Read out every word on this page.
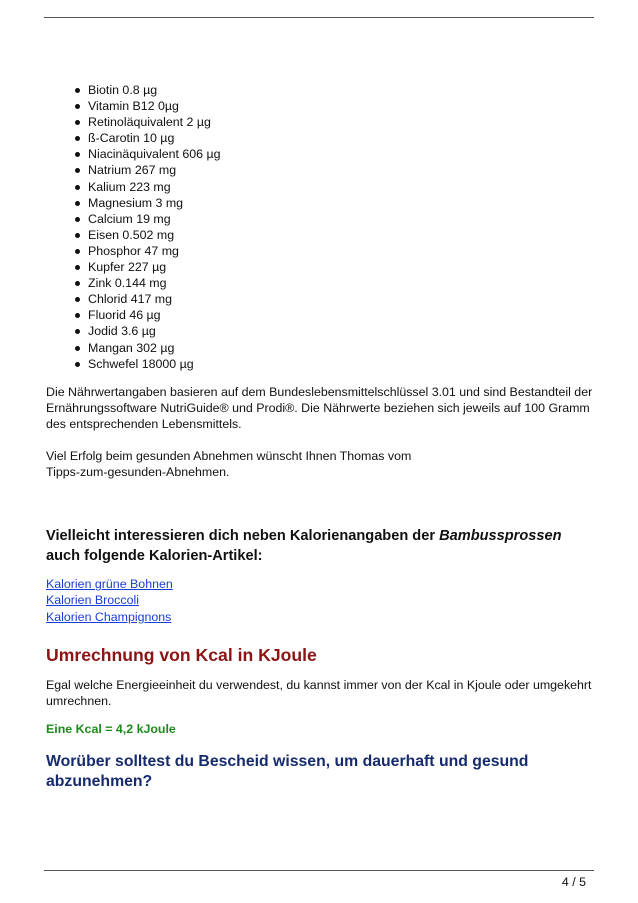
Biotin 0.8 µg
Vitamin B12 0µg
Retinoläquivalent 2 µg
ß-Carotin 10 µg
Niacinäquivalent 606 µg
Natrium 267 mg
Kalium 223 mg
Magnesium 3 mg
Calcium 19 mg
Eisen 0.502 mg
Phosphor 47 mg
Kupfer 227 µg
Zink 0.144 mg
Chlorid 417 mg
Fluorid 46 µg
Jodid 3.6 µg
Mangan 302 µg
Schwefel 18000 µg

Die Nährwertangaben basieren auf dem Bundeslebensmittelschlüssel 3.01 und sind Bestandteil der Ernährungssoftware NutriGuide® und Prodi®. Die Nährwerte beziehen sich jeweils auf 100 Gramm des entsprechenden Lebensmittels.

Viel Erfolg beim gesunden Abnehmen wünscht Ihnen Thomas vom
Tipps-zum-gesunden-Abnehmen.

Vielleicht interessieren dich neben Kalorienangaben der Bambussprossen auch folgende Kalorien-Artikel:
Kalorien grüne Bohnen
Kalorien Broccoli
Kalorien Champignons
Umrechnung von Kcal in KJoule

Egal welche Energieeinheit du verwendest, du kannst immer von der Kcal in Kjoule oder umgekehrt umrechnen.

Eine Kcal = 4,2 kJoule

Worüber solltest du Bescheid wissen, um dauerhaft und gesund abzunehmen?
4 / 5
